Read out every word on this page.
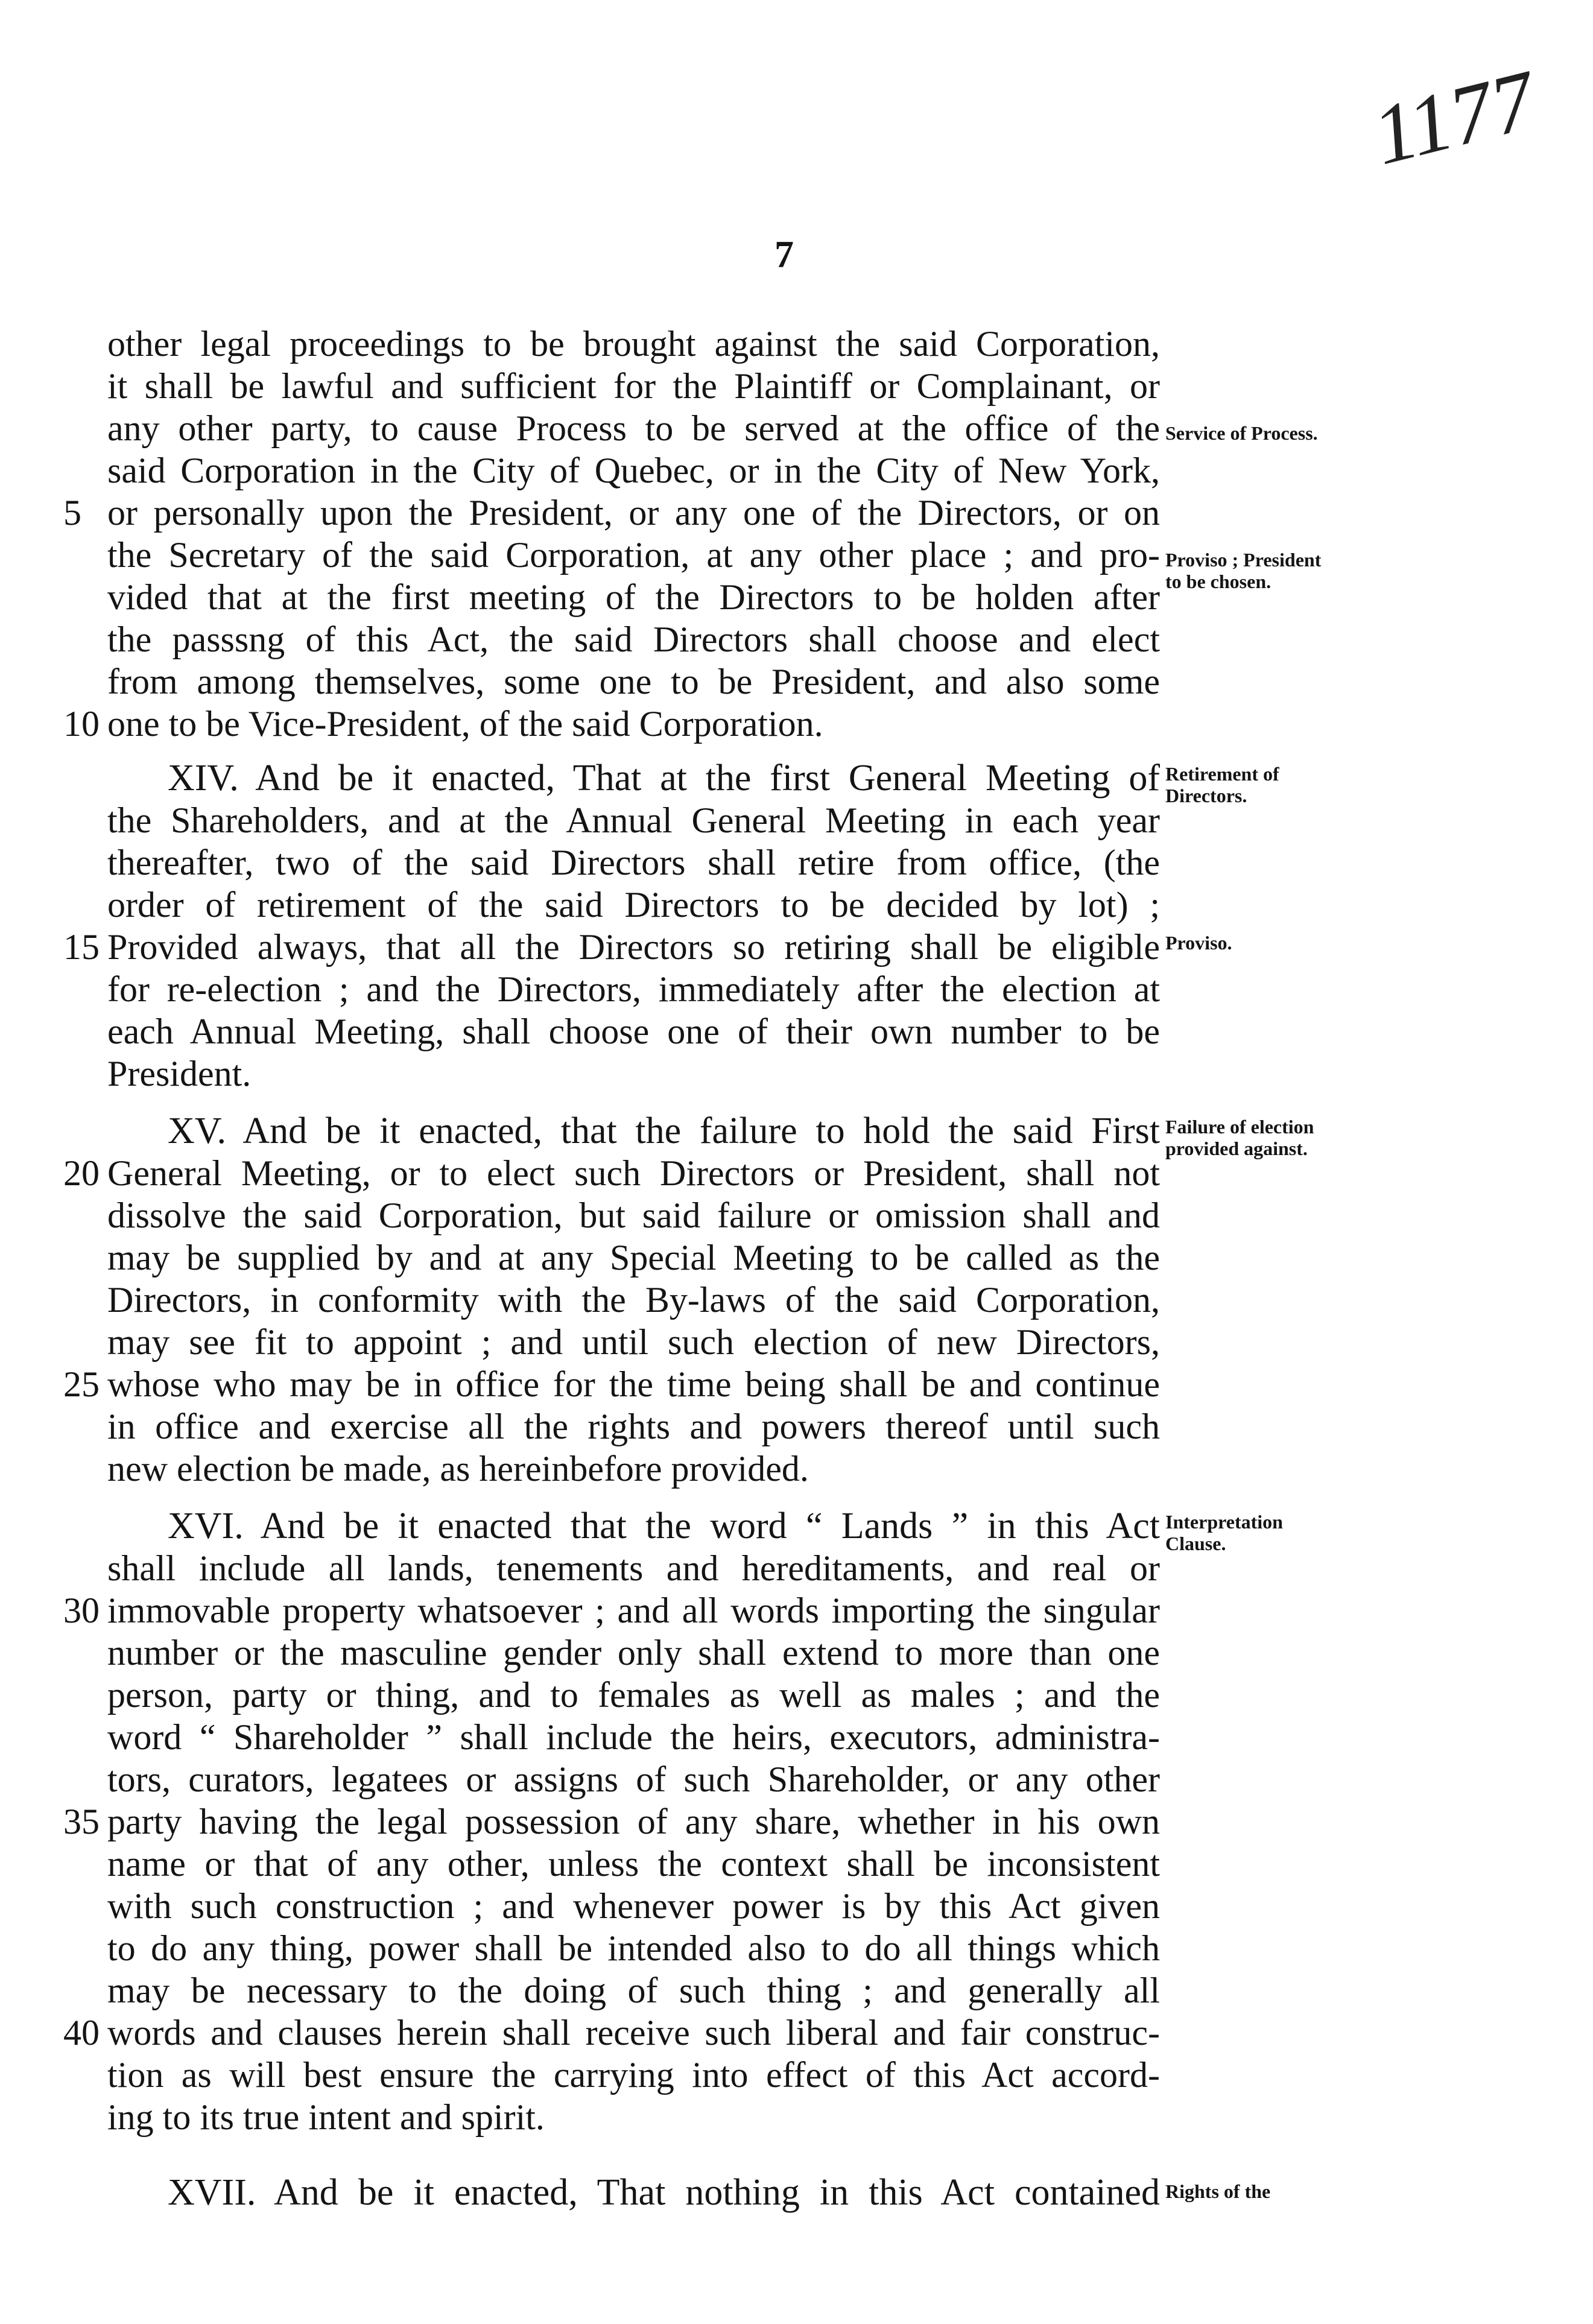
1177
7
other legal proceedings to be brought against the said Corporation,
it shall be lawful and sufficient for the Plaintiff or Complainant, or
any other party, to cause Process to be served at the office of the
said Corporation in the City of Quebec, or in the City of New York,
or personally upon the President, or any one of the Directors, or on
the Secretary of the said Corporation, at any other place ; and pro-
vided that at the first meeting of the Directors to be holden after
the passsng of this Act, the said Directors shall choose and elect
from among themselves, some one to be President, and also some
one to be Vice-President, of the said Corporation.
XIV. And be it enacted, That at the first General Meeting of
the Shareholders, and at the Annual General Meeting in each year
thereafter, two of the said Directors shall retire from office, (the
order of retirement of the said Directors to be decided by lot) ;
Provided always, that all the Directors so retiring shall be eligible
for re-election ; and the Directors, immediately after the election at
each Annual Meeting, shall choose one of their own number to be
President.
XV. And be it enacted, that the failure to hold the said First
General Meeting, or to elect such Directors or President, shall not
dissolve the said Corporation, but said failure or omission shall and
may be supplied by and at any Special Meeting to be called as the
Directors, in conformity with the By-laws of the said Corporation,
may see fit to appoint ; and until such election of new Directors,
whose who may be in office for the time being shall be and continue
in office and exercise all the rights and powers thereof until such
new election be made, as hereinbefore provided.
XVI. And be it enacted that the word “ Lands ” in this Act
shall include all lands, tenements and hereditaments, and real or
immovable property whatsoever ; and all words importing the singular
number or the masculine gender only shall extend to more than one
person, party or thing, and to females as well as males ; and the
word “ Shareholder ” shall include the heirs, executors, administra-
tors, curators, legatees or assigns of such Shareholder, or any other
party having the legal possession of any share, whether in his own
name or that of any other, unless the context shall be inconsistent
with such construction ; and whenever power is by this Act given
to do any thing, power shall be intended also to do all things which
may be necessary to the doing of such thing ; and generally all
words and clauses herein shall receive such liberal and fair construc-
tion as will best ensure the carrying into effect of this Act accord-
ing to its true intent and spirit.
XVII. And be it enacted, That nothing in this Act contained
5
10
15
20
25
30
35
40
Service of Process.
Proviso ; President to be chosen.
Retirement of Directors.
Proviso.
Failure of election provided against.
Interpretation Clause.
Rights of the
